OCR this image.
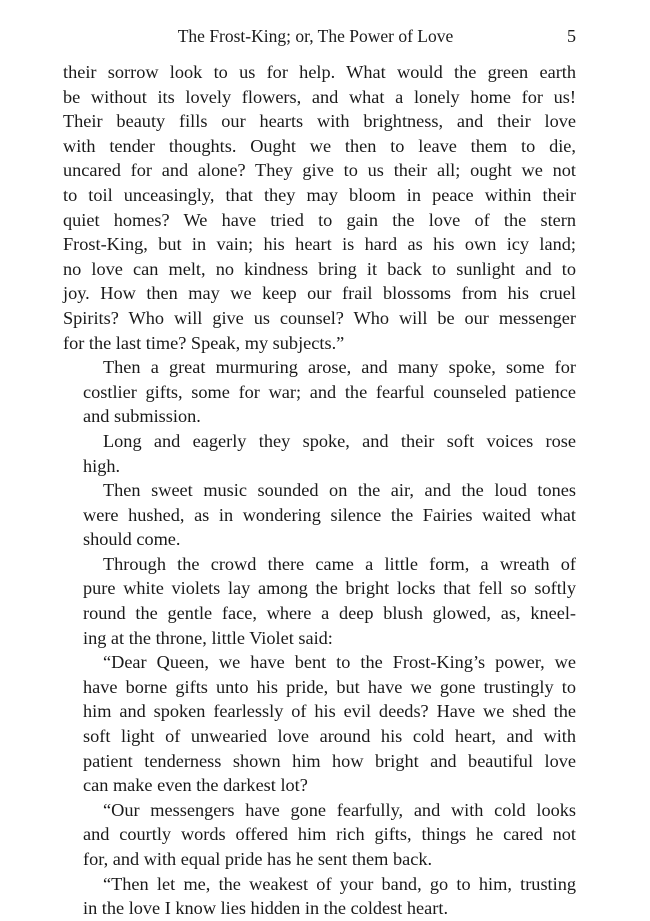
The Frost-King; or, The Power of Love	5

their sorrow look to us for help. What would the green earth
be without its lovely flowers, and what a lonely home for us!
Their beauty fills our hearts with brightness, and their love
with tender thoughts. Ought we then to leave them to die,
uncared for and alone? They give to us their all; ought we not
to toil unceasingly, that they may bloom in peace within their
quiet homes? We have tried to gain the love of the stern
Frost-King, but in vain; his heart is hard as his own icy land;
no love can melt, no kindness bring it back to sunlight and to
joy. How then may we keep our frail blossoms from his cruel
Spirits? Who will give us counsel? Who will be our messenger
for the last time? Speak, my subjects.”

Then a great murmuring arose, and many spoke, some for
costlier gifts, some for war; and the fearful counseled patience
and submission.

Long and eagerly they spoke, and their soft voices rose
high.

Then sweet music sounded on the air, and the loud tones
were hushed, as in wondering silence the Fairies waited what
should come.

Through the crowd there came a little form, a wreath of
pure white violets lay among the bright locks that fell so softly
round the gentle face, where a deep blush glowed, as, kneel-
ing at the throne, little Violet said:

“Dear Queen, we have bent to the Frost-King’s power, we
have borne gifts unto his pride, but have we gone trustingly to
him and spoken fearlessly of his evil deeds? Have we shed the
soft light of unwearied love around his cold heart, and with
patient tenderness shown him how bright and beautiful love
can make even the darkest lot?

“Our messengers have gone fearfully, and with cold looks
and courtly words offered him rich gifts, things he cared not
for, and with equal pride has he sent them back.

“Then let me, the weakest of your band, go to him, trusting
in the love I know lies hidden in the coldest heart.
